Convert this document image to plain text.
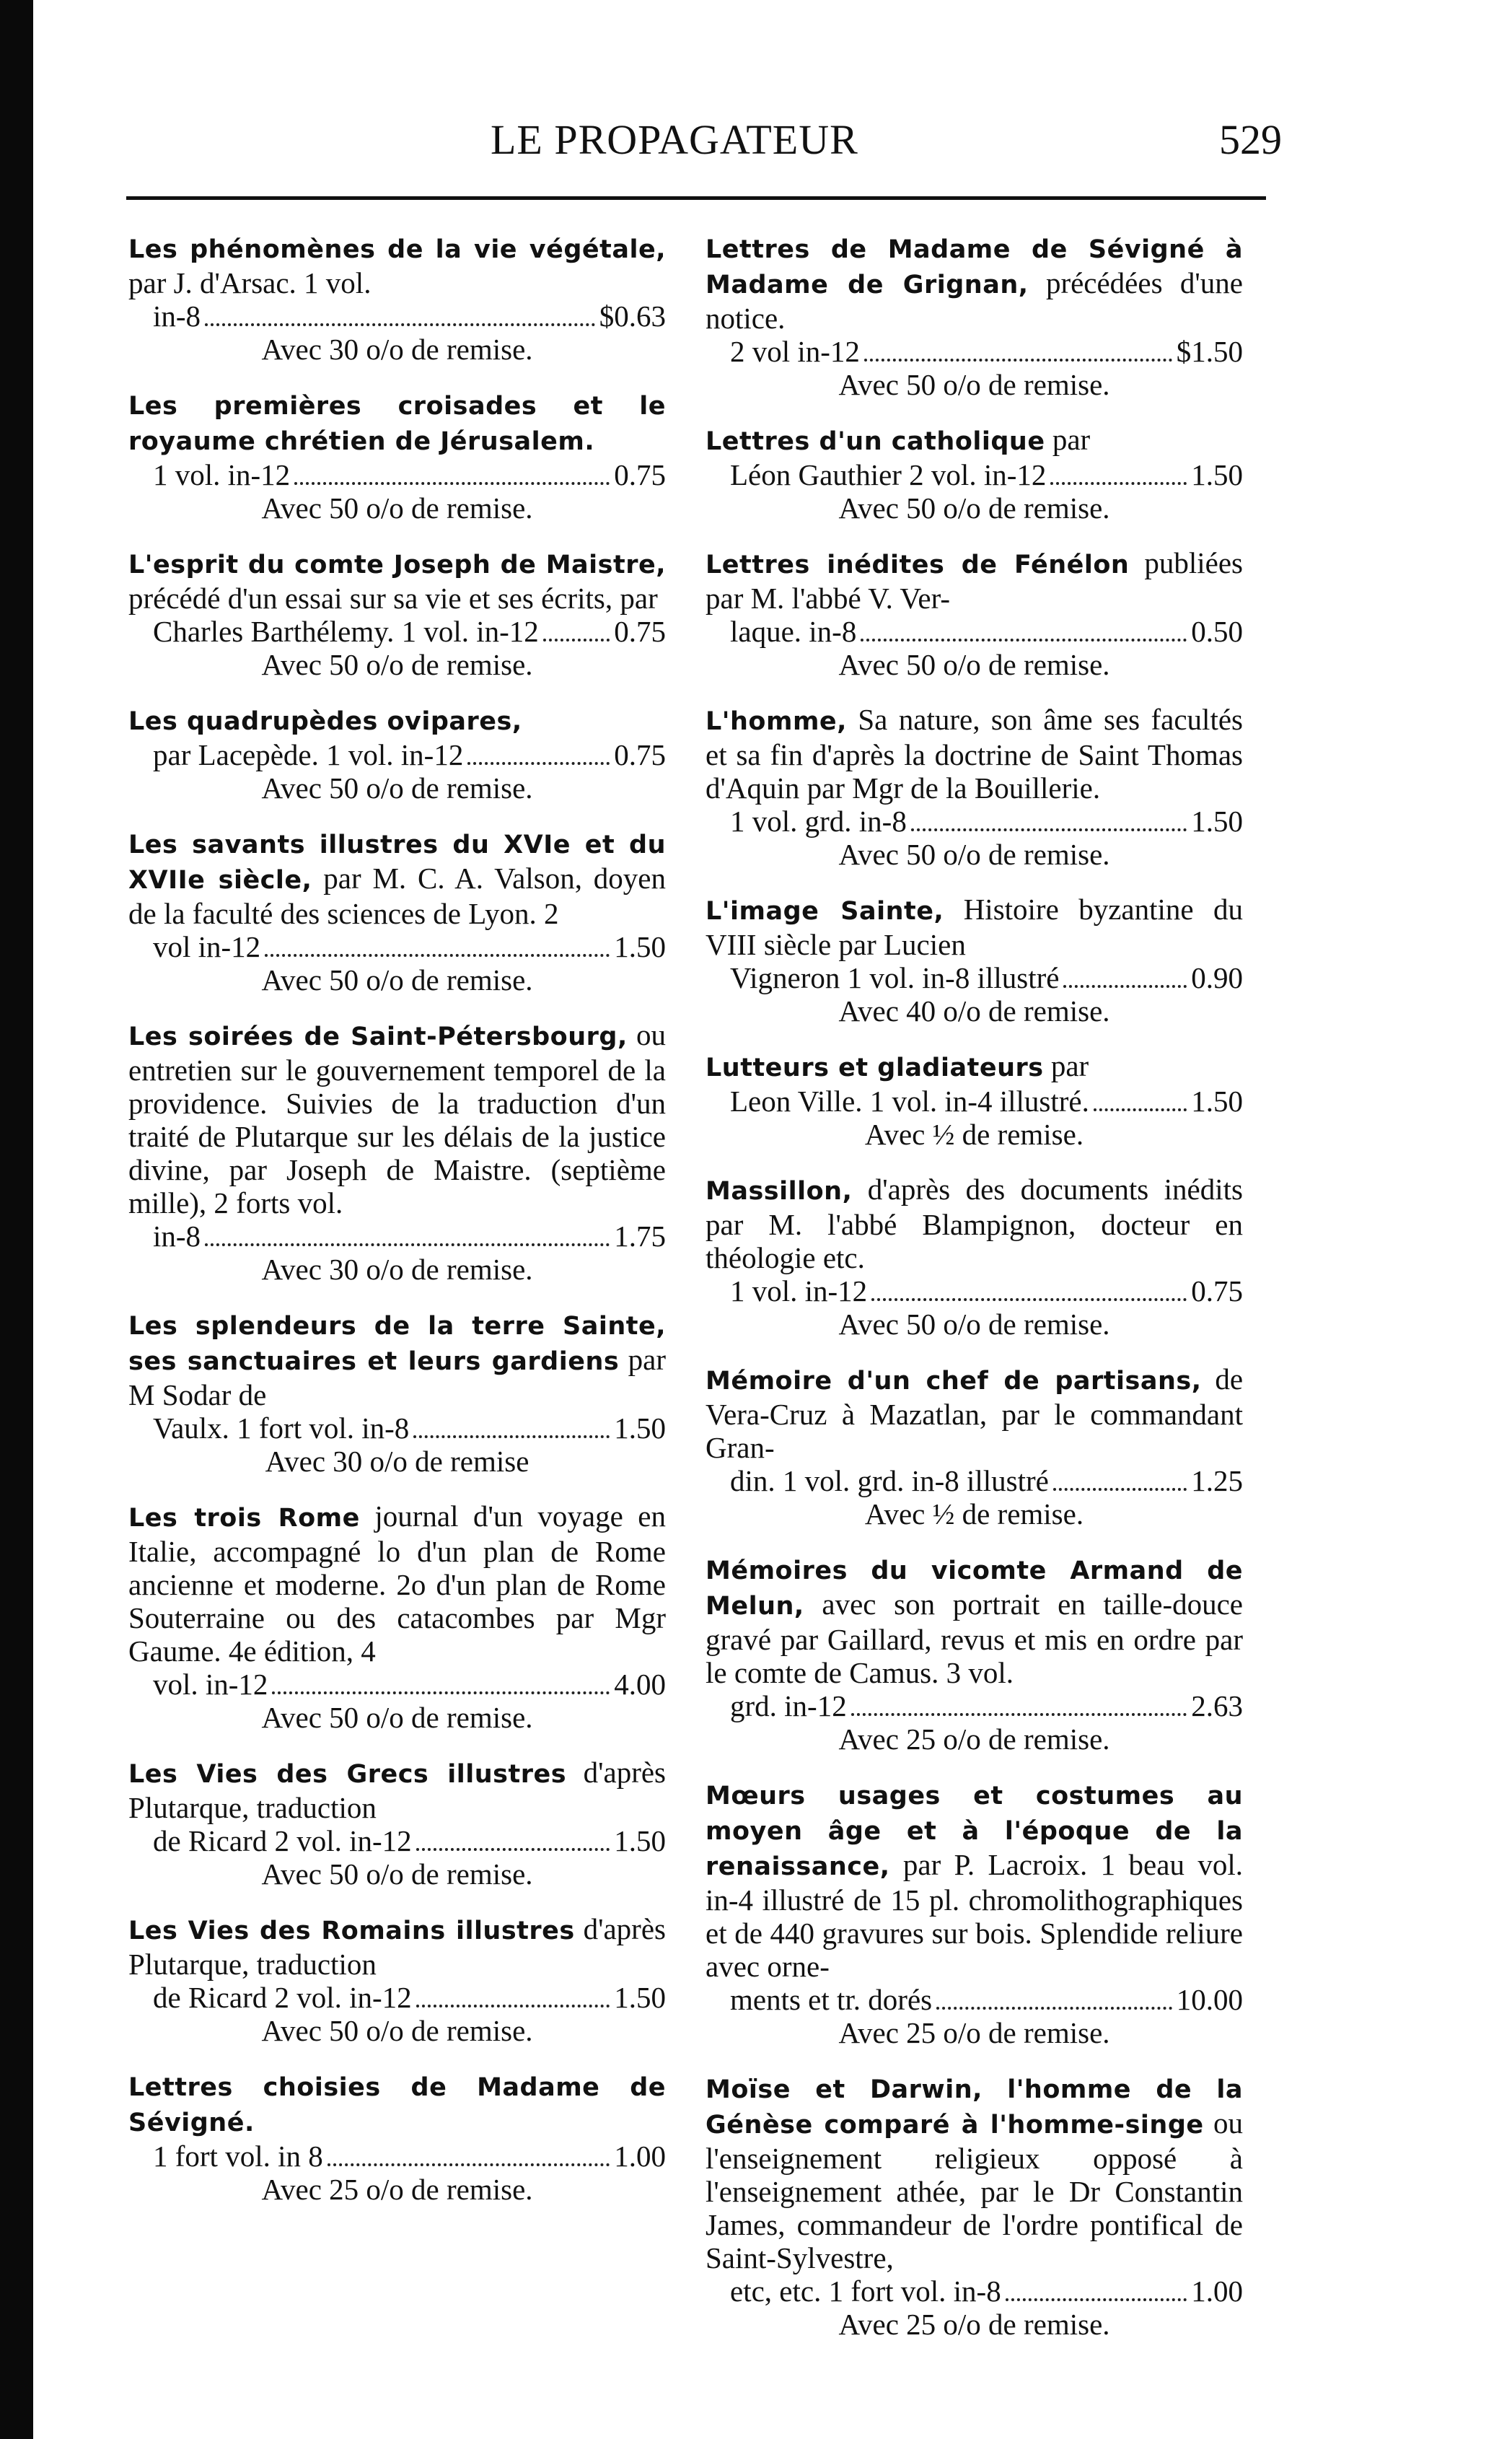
LE PROPAGATEUR	529
Les phénomènes de la vie végétale, par J. d'Arsac. 1 vol.
in-8	$0.63
Avec 30 o/o de remise.
Les premières croisades et le royaume chrétien de Jérusalem.
1 vol. in-12	0.75
Avec 50 o/o de remise.
L'esprit du comte Joseph de Maistre, précédé d'un essai sur sa vie et ses écrits, par
Charles Barthélemy. 1 vol. in-12	0.75
Avec 50 o/o de remise.
Les quadrupèdes ovipares,
par Lacepède. 1 vol. in-12	0.75
Avec 50 o/o de remise.
Les savants illustres du XVIe et du XVIIe siècle, par M. C. A. Valson, doyen de la faculté des sciences de Lyon. 2
vol in-12	1.50
Avec 50 o/o de remise.
Les soirées de Saint-Pétersbourg, ou entretien sur le gouvernement temporel de la providence. Suivies de la traduction d'un traité de Plutarque sur les délais de la justice divine, par Joseph de Maistre. (septième mille), 2 forts vol.
in-8	1.75
Avec 30 o/o de remise.
Les splendeurs de la terre Sainte, ses sanctuaires et leurs gardiens par M Sodar de
Vaulx. 1 fort vol. in-8	1.50
Avec 30 o/o de remise
Les trois Rome journal d'un voyage en Italie, accompagné lo d'un plan de Rome ancienne et moderne. 2o d'un plan de Rome Souterraine ou des catacombes par Mgr Gaume. 4e édition, 4
vol. in-12	4.00
Avec 50 o/o de remise.
Les Vies des Grecs illustres d'après Plutarque, traduction
de Ricard 2 vol. in-12	1.50
Avec 50 o/o de remise.
Les Vies des Romains illustres d'après Plutarque, traduction
de Ricard 2 vol. in-12	1.50
Avec 50 o/o de remise.
Lettres choisies de Madame de Sévigné.
1 fort vol. in 8	1.00
Avec 25 o/o de remise.
Lettres de Madame de Sévigné à Madame de Grignan, précédées d'une notice.
2 vol in-12	$1.50
Avec 50 o/o de remise.
Lettres d'un catholique par
Léon Gauthier 2 vol. in-12	1.50
Avec 50 o/o de remise.
Lettres inédites de Fénélon publiées par M. l'abbé V. Ver-
laque. in-8	0.50
Avec 50 o/o de remise.
L'homme, Sa nature, son âme ses facultés et sa fin d'après la doctrine de Saint Thomas d'Aquin par Mgr de la Bouillerie.
1 vol. grd. in-8	1.50
Avec 50 o/o de remise.
L'image Sainte, Histoire byzantine du VIII siècle par Lucien
Vigneron 1 vol. in-8 illustré	0.90
Avec 40 o/o de remise.
Lutteurs et gladiateurs par
Leon Ville. 1 vol. in-4 illustré.	1.50
Avec ½ de remise.
Massillon, d'après des documents inédits par M. l'abbé Blampignon, docteur en théologie etc.
1 vol. in-12	0.75
Avec 50 o/o de remise.
Mémoire d'un chef de partisans, de Vera-Cruz à Mazatlan, par le commandant Gran-
din. 1 vol. grd. in-8 illustré	1.25
Avec ½ de remise.
Mémoires du vicomte Armand de Melun, avec son portrait en taille-douce gravé par Gaillard, revus et mis en ordre par le comte de Camus. 3 vol.
grd. in-12	2.63
Avec 25 o/o de remise.
Mœurs usages et costumes au moyen âge et à l'époque de la renaissance, par P. Lacroix. 1 beau vol. in-4 illustré de 15 pl. chromolithographiques et de 440 gravures sur bois. Splendide reliure avec orne-
ments et tr. dorés	10.00
Avec 25 o/o de remise.
Moïse et Darwin, l'homme de la Génèse comparé à l'homme-singe ou l'enseignement religieux opposé à l'enseignement athée, par le Dr Constantin James, commandeur de l'ordre pontifical de Saint-Sylvestre,
etc, etc. 1 fort vol. in-8	1.00
Avec 25 o/o de remise.
